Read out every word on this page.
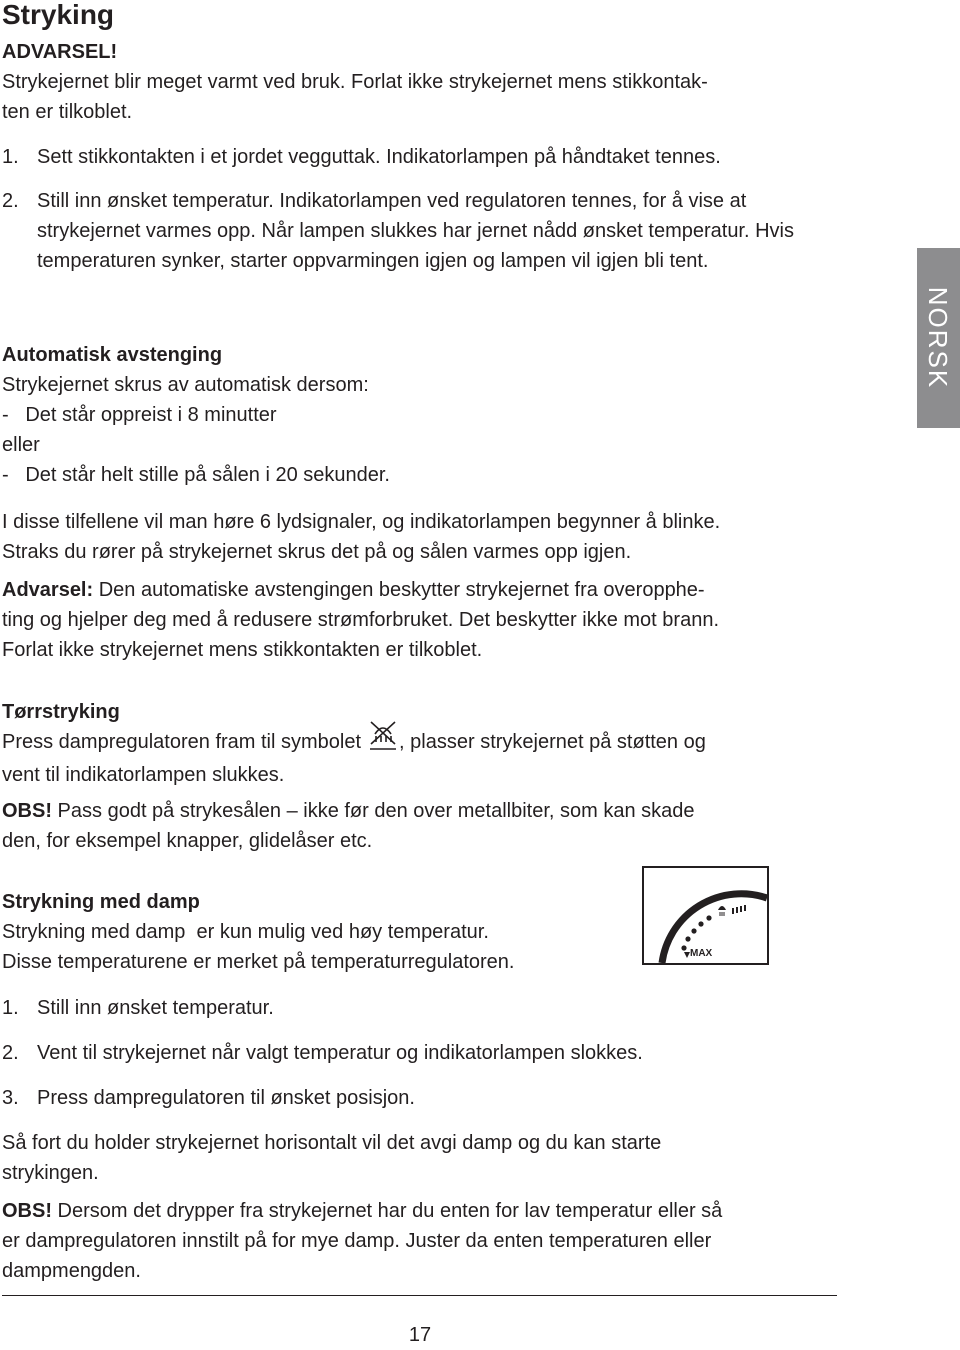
Stryking
ADVARSEL!
Strykejernet blir meget varmt ved bruk. Forlat ikke strykejernet mens stikkontak-
ten er tilkoblet.
1. Sett stikkontakten i et jordet vegguttak. Indikatorlampen på håndtaket tennes.
2. Still inn ønsket temperatur. Indikatorlampen ved regulatoren tennes, for å vise at strykejernet varmes opp. Når lampen slukkes har jernet nådd ønsket temperatur. Hvis temperaturen synker, starter oppvarmingen igjen og lampen vil igjen bli tent.
NORSK
Automatisk avstenging
Strykejernet skrus av automatisk dersom:
-   Det står oppreist i 8 minutter
eller
-   Det står helt stille på sålen i 20 sekunder.
I disse tilfellene vil man høre 6 lydsignaler, og indikatorlampen begynner å blinke.
Straks du rører på strykejernet skrus det på og sålen varmes opp igjen.
Advarsel: Den automatiske avstengingen beskytter strykejernet fra overopphe-
ting og hjelper deg med å redusere strømforbruket. Det beskytter ikke mot brann.
Forlat ikke strykejernet mens stikkontakten er tilkoblet.
Tørrstryking
Press dampregulatoren fram til symbolet , plasser strykejernet på støtten og
vent til indikatorlampen slukkes.
OBS! Pass godt på strykesålen – ikke før den over metallbiter, som kan skade
den, for eksempel knapper, glidelåser etc.
Strykning med damp
Strykning med damp  er kun mulig ved høy temperatur.
Disse temperaturene er merket på temperaturregulatoren.	MAX
1. Still inn ønsket temperatur.
2. Vent til strykejernet når valgt temperatur og indikatorlampen slokkes.
3. Press dampregulatoren til ønsket posisjon.
Så fort du holder strykejernet horisontalt vil det avgi damp og du kan starte
strykingen.
OBS! Dersom det drypper fra strykejernet har du enten for lav temperatur eller så
er dampregulatoren innstilt på for mye damp. Juster da enten temperaturen eller
dampmengden.
17
